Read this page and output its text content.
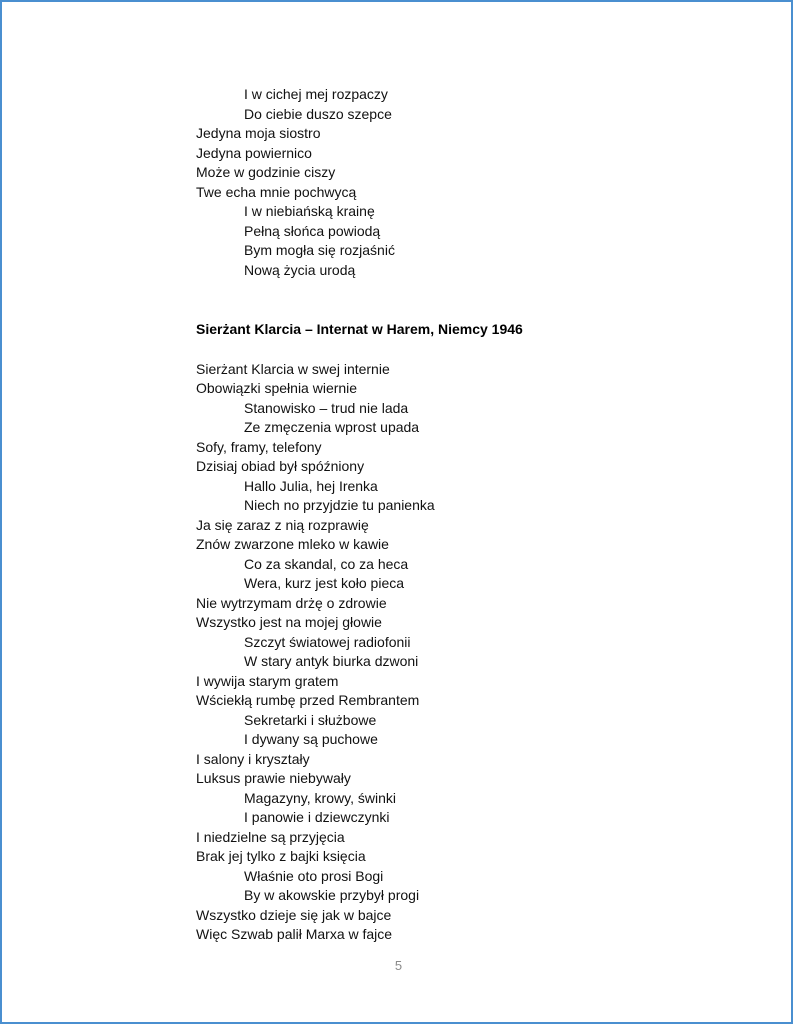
I w cichej mej rozpaczy
Do ciebie duszo szepce
Jedyna moja siostro
Jedyna powiernico
Może w godzinie ciszy
Twe echa mnie pochwycą
I w niebiańską krainę
Pełną słońca powiodą
Bym mogła się rozjaśnić
Nową życia urodą
Sierżant Klarcia – Internat w Harem, Niemcy 1946
Sierżant Klarcia w swej internie
Obowiązki spełnia wiernie
Stanowisko – trud nie lada
Ze zmęczenia wprost upada
Sofy, framy, telefony
Dzisiaj obiad był spóźniony
Hallo Julia, hej Irenka
Niech no przyjdzie tu panienka
Ja się zaraz z nią rozprawię
Znów zwarzone mleko w kawie
Co za skandal, co za heca
Wera, kurz jest koło pieca
Nie wytrzymam drżę o zdrowie
Wszystko jest na mojej głowie
Szczyt światowej radiofonii
W stary antyk biurka dzwoni
I wywija starym gratem
Wściekłą rumbę przed Rembrantem
Sekretarki i służbowe
I dywany są puchowe
I salony i kryształy
Luksus prawie niebywały
Magazyny, krowy, świnki
I panowie i dziewczynki
I niedzielne są przyjęcia
Brak jej tylko z bajki księcia
Właśnie oto prosi Bogi
By w akowskie przybył progi
Wszystko dzieje się jak w bajce
Więc Szwab palił Marxa w fajce
5
